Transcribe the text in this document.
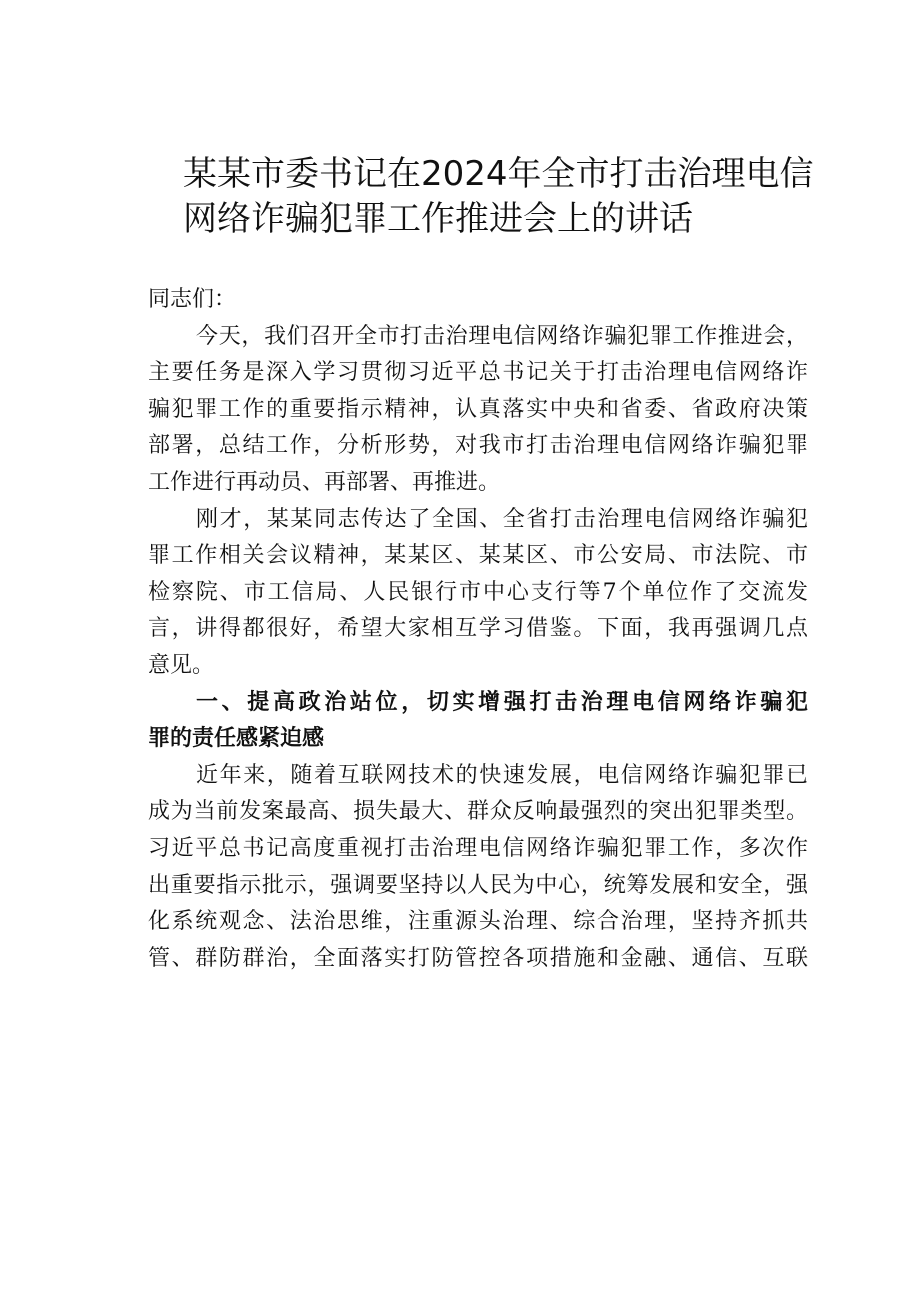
某某市委书记在2024年全市打击治理电信
网络诈骗犯罪工作推进会上的讲话
同志们：
今天，我们召开全市打击治理电信网络诈骗犯罪工作推进会，
主要任务是深入学习贯彻习近平总书记关于打击治理电信网络诈
骗犯罪工作的重要指示精神，认真落实中央和省委、省政府决策
部署，总结工作，分析形势，对我市打击治理电信网络诈骗犯罪
工作进行再动员、再部署、再推进。
刚才，某某同志传达了全国、全省打击治理电信网络诈骗犯
罪工作相关会议精神，某某区、某某区、市公安局、市法院、市
检察院、市工信局、人民银行市中心支行等7个单位作了交流发
言，讲得都很好，希望大家相互学习借鉴。下面，我再强调几点
意见。
一、提高政治站位，切实增强打击治理电信网络诈骗犯
罪的责任感紧迫感
近年来，随着互联网技术的快速发展，电信网络诈骗犯罪已
成为当前发案最高、损失最大、群众反响最强烈的突出犯罪类型。
习近平总书记高度重视打击治理电信网络诈骗犯罪工作，多次作
出重要指示批示，强调要坚持以人民为中心，统筹发展和安全，强
化系统观念、法治思维，注重源头治理、综合治理，坚持齐抓共
管、群防群治，全面落实打防管控各项措施和金融、通信、互联
